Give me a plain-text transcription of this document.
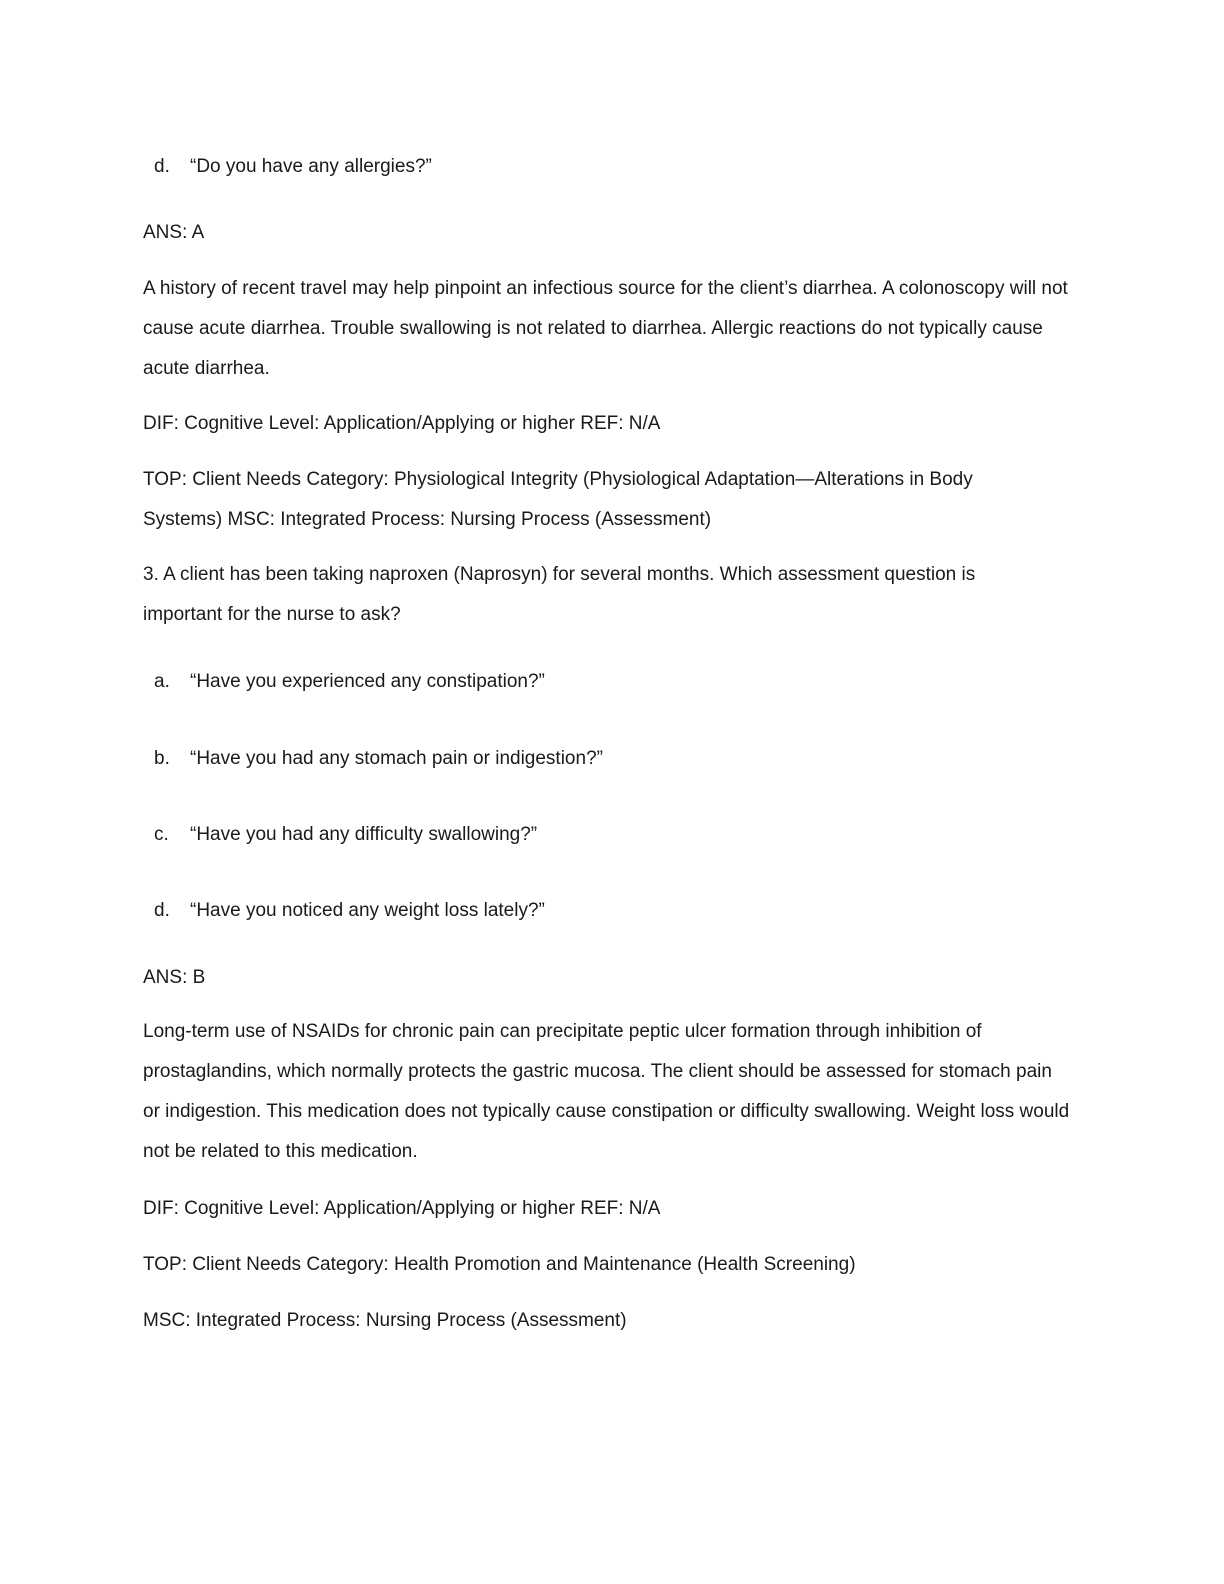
d. “Do you have any allergies?”
ANS: A
A history of recent travel may help pinpoint an infectious source for the client’s diarrhea. A colonoscopy will not cause acute diarrhea. Trouble swallowing is not related to diarrhea. Allergic reactions do not typically cause acute diarrhea.
DIF: Cognitive Level: Application/Applying or higher REF: N/A
TOP: Client Needs Category: Physiological Integrity (Physiological Adaptation—Alterations in Body Systems) MSC: Integrated Process: Nursing Process (Assessment)
3. A client has been taking naproxen (Naprosyn) for several months. Which assessment question is important for the nurse to ask?
a. “Have you experienced any constipation?”
b. “Have you had any stomach pain or indigestion?”
c. “Have you had any difficulty swallowing?”
d. “Have you noticed any weight loss lately?”
ANS: B
Long-term use of NSAIDs for chronic pain can precipitate peptic ulcer formation through inhibition of prostaglandins, which normally protects the gastric mucosa. The client should be assessed for stomach pain or indigestion. This medication does not typically cause constipation or difficulty swallowing. Weight loss would not be related to this medication.
DIF: Cognitive Level: Application/Applying or higher REF: N/A
TOP: Client Needs Category: Health Promotion and Maintenance (Health Screening)
MSC: Integrated Process: Nursing Process (Assessment)
